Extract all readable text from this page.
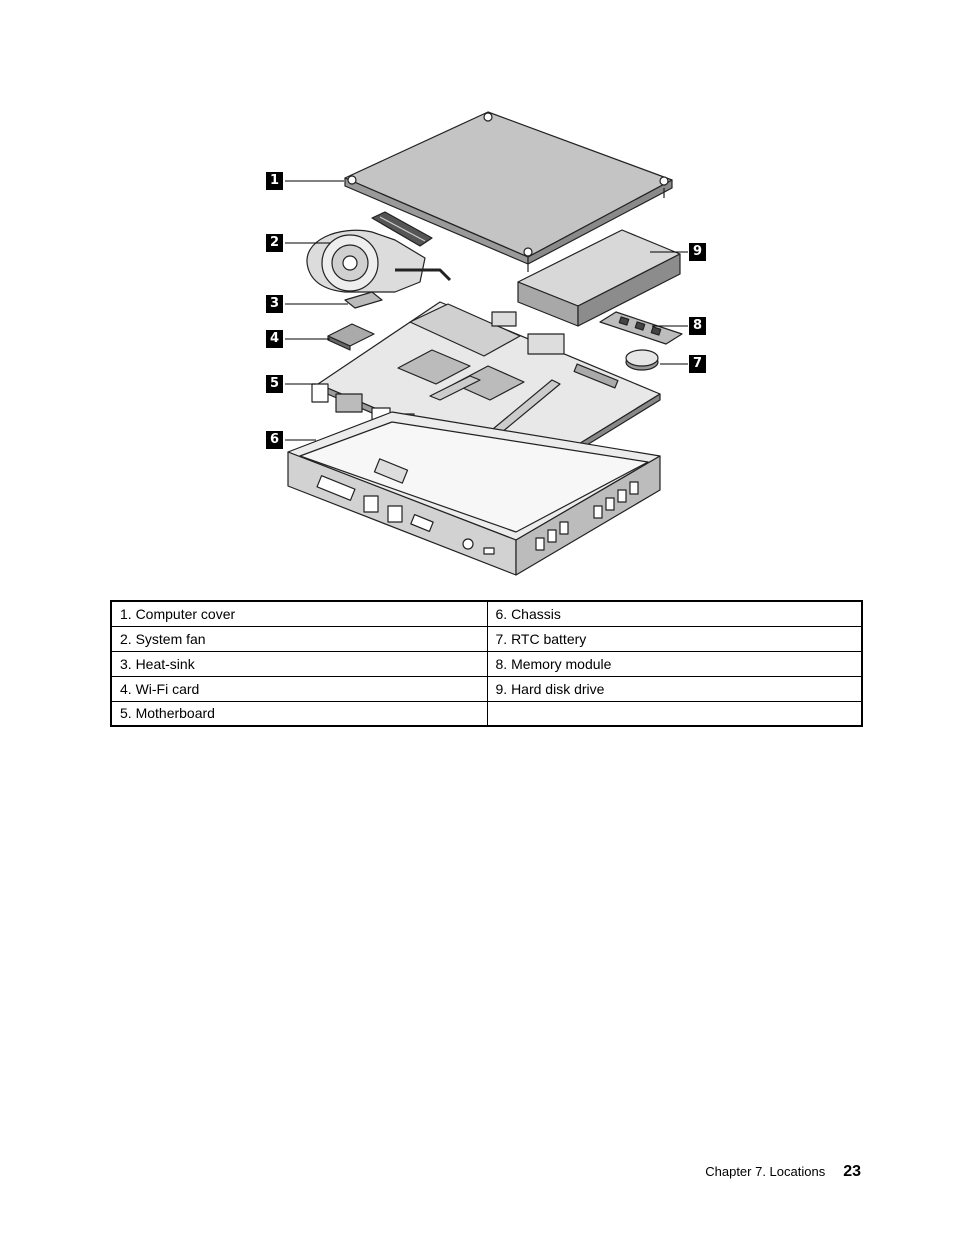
1
2
3
4
5
6
7
8
9
1. Computer cover	6. Chassis
2. System fan	7. RTC battery
3. Heat-sink	8. Memory module
4. Wi-Fi card	9. Hard disk drive
5. Motherboard	
Chapter 7. Locations 23
